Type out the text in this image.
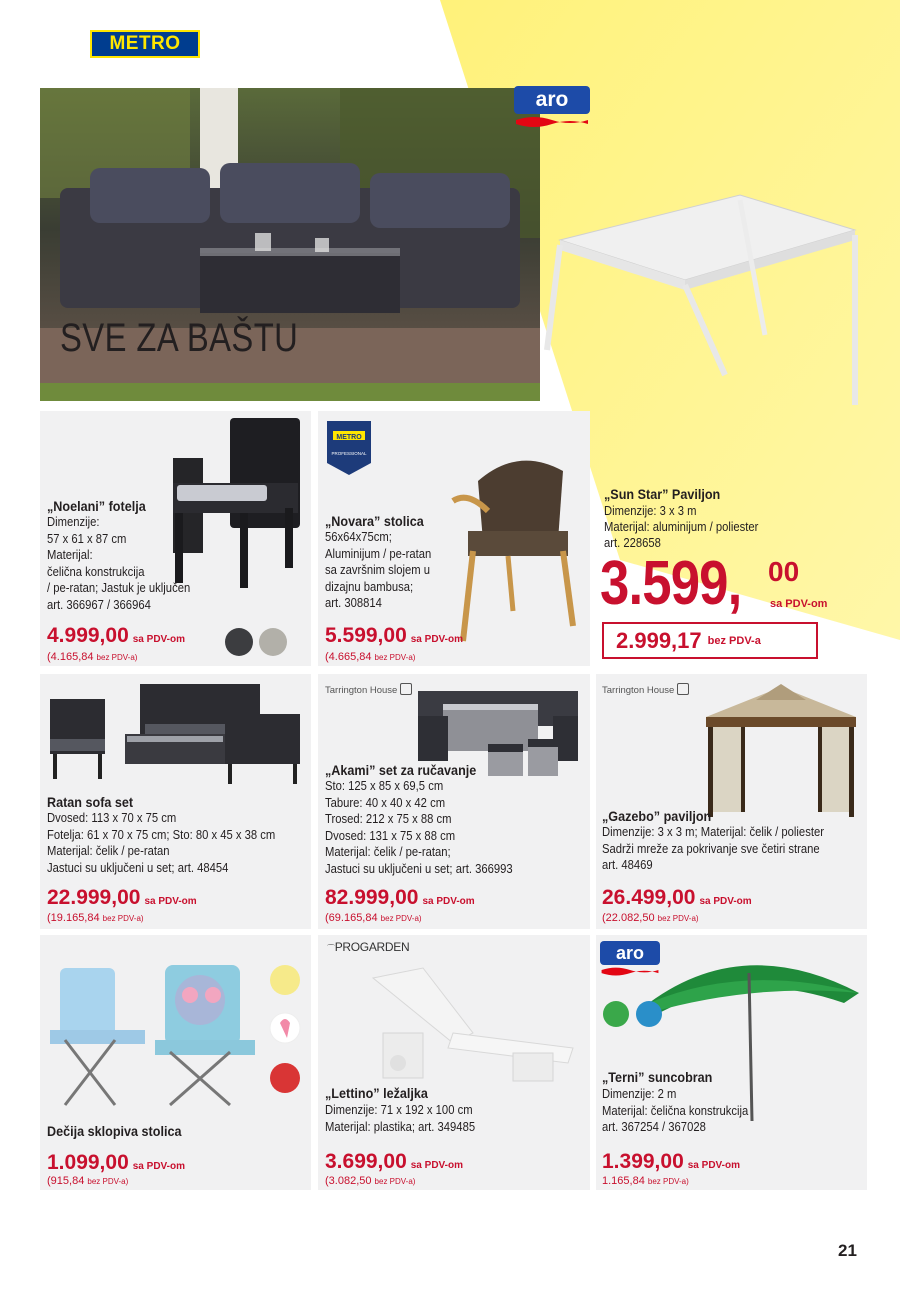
METRO
SVE ZA BAŠTU
aro
„Noelani” fotelja
Dimenzije:
57 x 61 x 87 cm
Materijal:
čelična konstrukcija
/ pe-ratan; Jastuk je uključen
art. 366967 / 366964
4.999,00 sa PDV-om
(4.165,84 bez PDV-a)
METRO
PROFESSIONAL
„Novara” stolica
56x64x75cm;
Aluminijum / pe-ratan
sa završnim slojem u
dizajnu bambusa;
art. 308814
5.599,00 sa PDV-om
(4.665,84 bez PDV-a)
„Sun Star” Paviljon
Dimenzije: 3 x 3 m
Materijal: aluminijum / poliester
art. 228658
3.599, 00
sa PDV-om
2.999,17 bez PDV-a
Ratan sofa set
Dvosed: 113 x 70 x 75 cm
Fotelja: 61 x 70 x 75 cm; Sto: 80 x 45 x 38 cm
Materijal: čelik / pe-ratan
Jastuci su uključeni u set; art. 48454
22.999,00 sa PDV-om
(19.165,84 bez PDV-a)
Tarrington House
„Akami” set za ručavanje
Sto: 125 x 85 x 69,5 cm
Tabure: 40 x 40 x 42 cm
Trosed: 212 x 75 x 88 cm
Dvosed: 131 x 75 x 88 cm
Materijal: čelik / pe-ratan;
Jastuci su uključeni u set; art. 366993
82.999,00 sa PDV-om
(69.165,84 bez PDV-a)
Tarrington House
„Gazebo” paviljon
Dimenzije: 3 x 3 m; Materijal: čelik / poliester
Sadrži mreže za pokrivanje sve četiri strane
art. 48469
26.499,00 sa PDV-om
(22.082,50 bez PDV-a)
Dečija sklopiva stolica
1.099,00 sa PDV-om
(915,84 bez PDV-a)
⌒PROGARDEN
„Lettino” ležaljka
Dimenzije: 71 x 192 x 100 cm
Materijal: plastika; art. 349485
3.699,00 sa PDV-om
(3.082,50 bez PDV-a)
aro
„Terni” suncobran
Dimenzije: 2 m
Materijal: čelična konstrukcija
art. 367254 / 367028
1.399,00 sa PDV-om
1.165,84 bez PDV-a)
21
